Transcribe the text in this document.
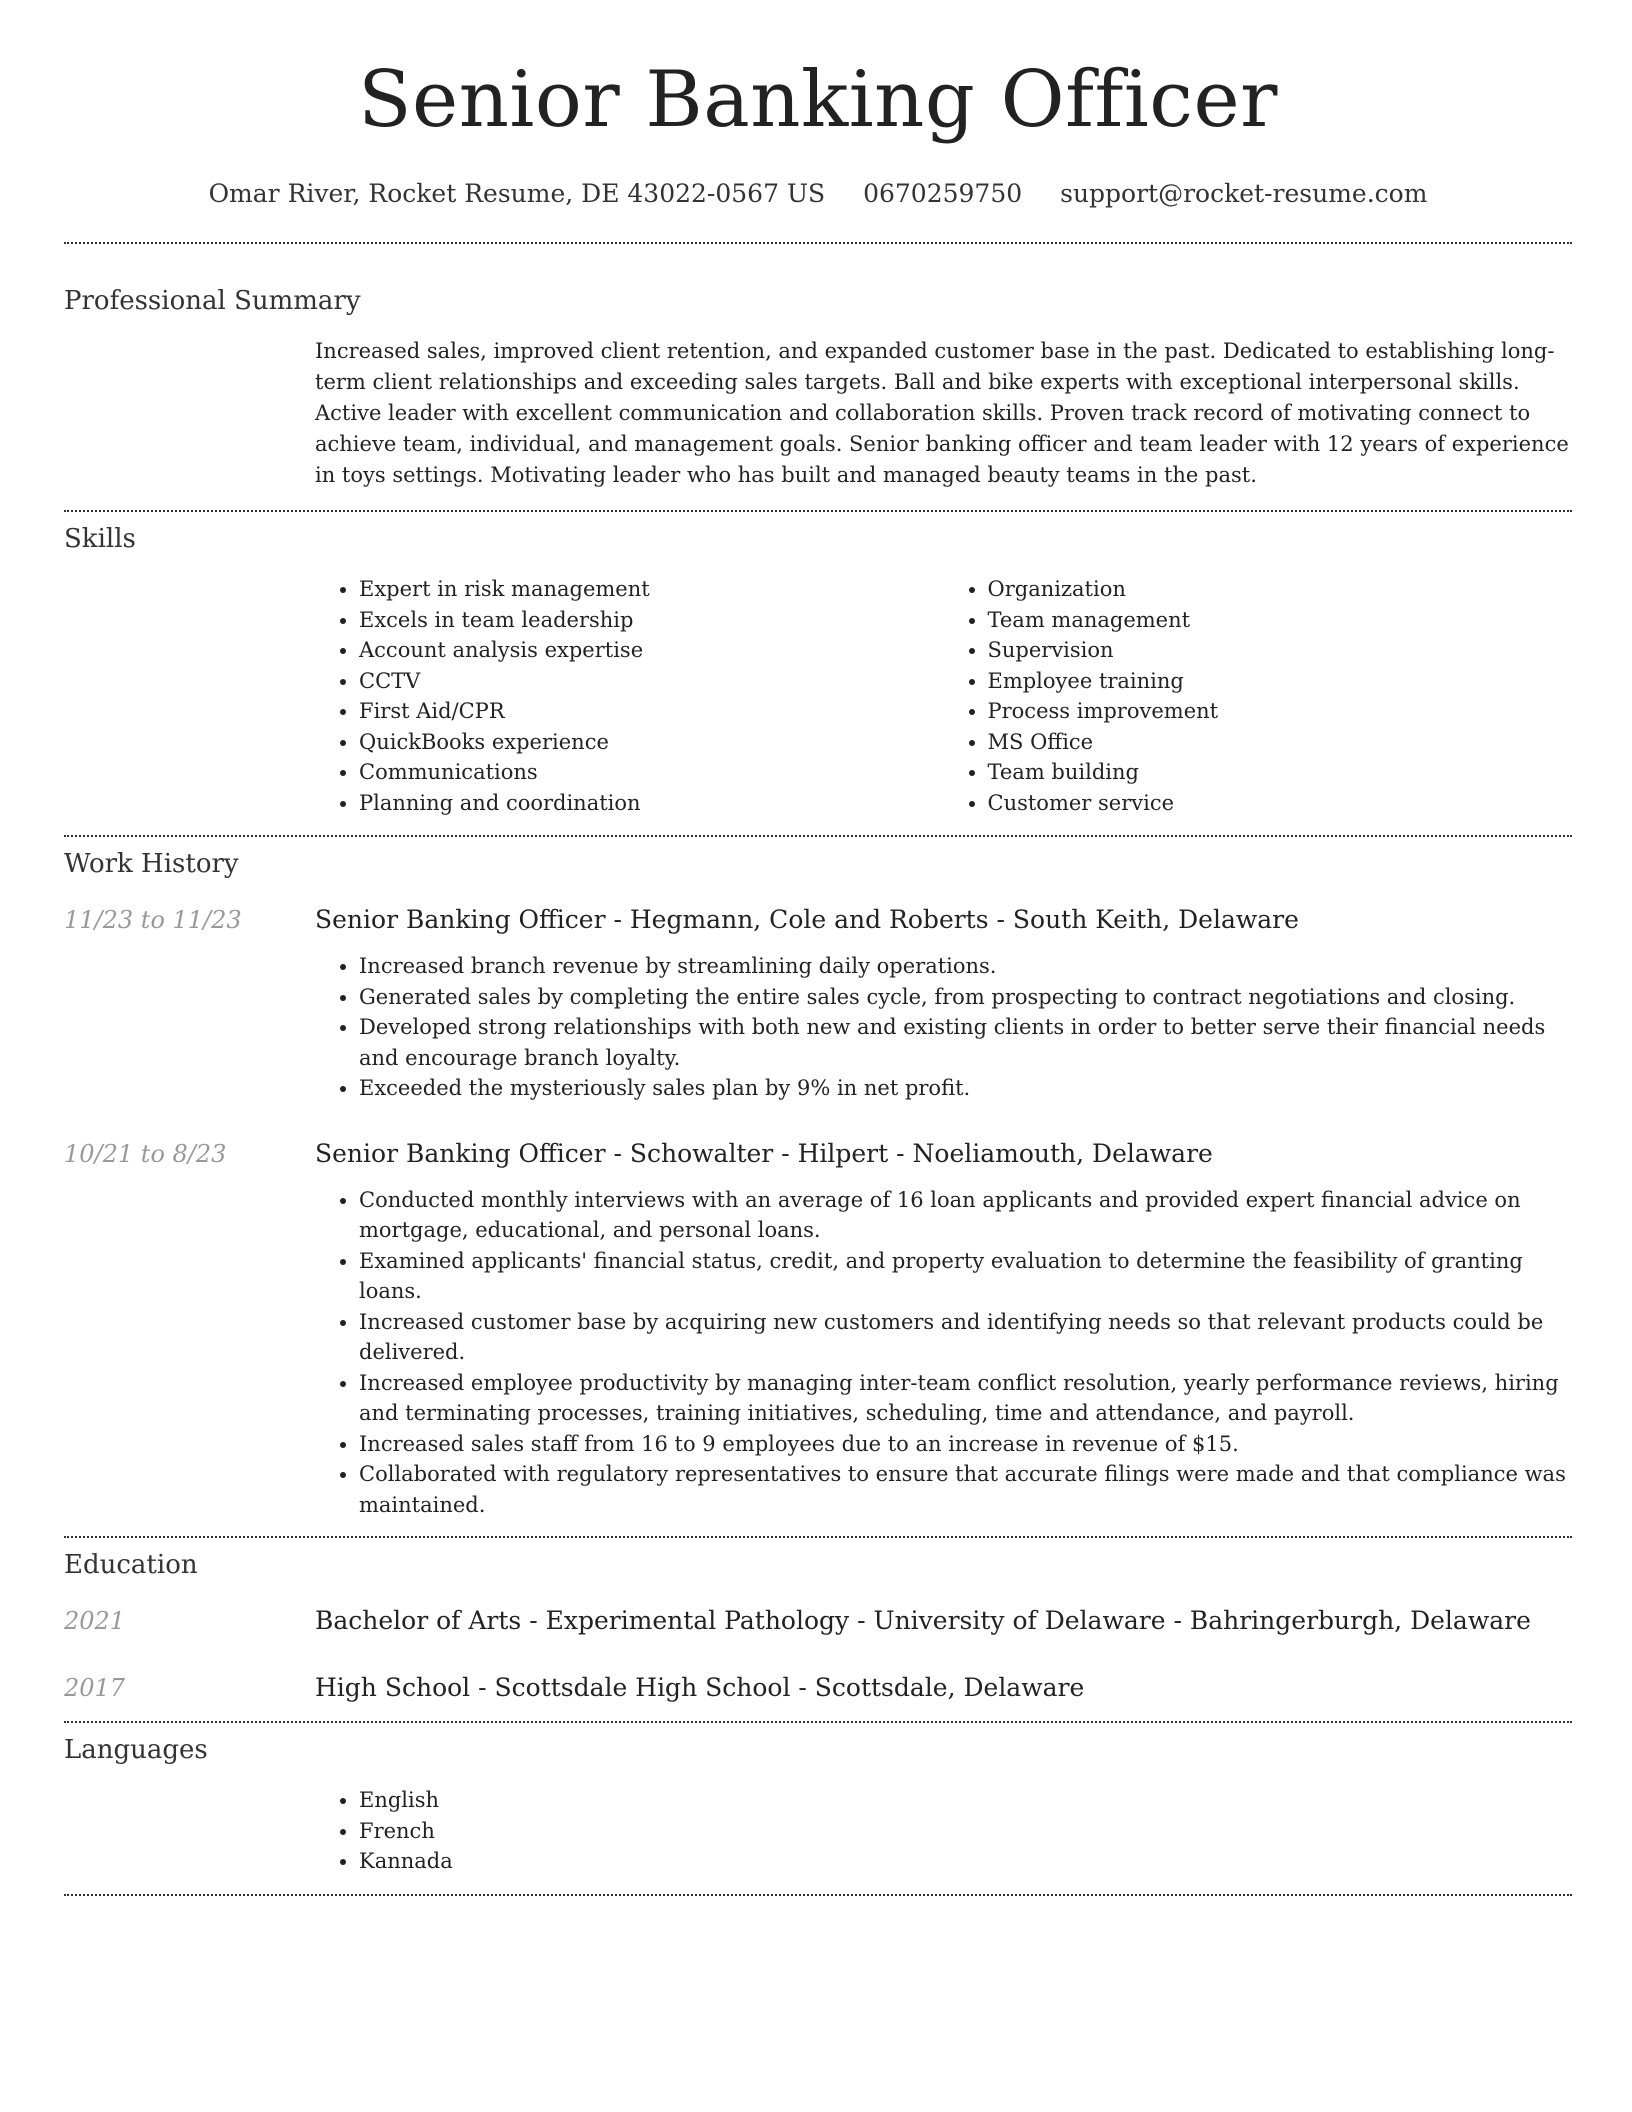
Senior Banking Officer
Omar River, Rocket Resume, DE 43022-0567 US 0670259750 support@rocket-resume.com
Professional Summary

Increased sales, improved client retention, and expanded customer base in the past. Dedicated to establishing long-term client relationships and exceeding sales targets. Ball and bike experts with exceptional interpersonal skills. Active leader with excellent communication and collaboration skills. Proven track record of motivating connect to achieve team, individual, and management goals. Senior banking officer and team leader with 12 years of experience in toys settings. Motivating leader who has built and managed beauty teams in the past.

Skills
• Expert in risk management
• Excels in team leadership
• Account analysis expertise
• CCTV
• First Aid/CPR
• QuickBooks experience
• Communications
• Planning and coordination
• Organization
• Team management
• Supervision
• Employee training
• Process improvement
• MS Office
• Team building
• Customer service
Work History
11/23 to 11/23	Senior Banking Officer - Hegmann, Cole and Roberts - South Keith, Delaware
• Increased branch revenue by streamlining daily operations.
• Generated sales by completing the entire sales cycle, from prospecting to contract negotiations and closing.
• Developed strong relationships with both new and existing clients in order to better serve their financial needs and encourage branch loyalty.
• Exceeded the mysteriously sales plan by 9% in net profit.
10/21 to 8/23	Senior Banking Officer - Schowalter - Hilpert - Noeliamouth, Delaware
• Conducted monthly interviews with an average of 16 loan applicants and provided expert financial advice on mortgage, educational, and personal loans.
• Examined applicants' financial status, credit, and property evaluation to determine the feasibility of granting loans.
• Increased customer base by acquiring new customers and identifying needs so that relevant products could be delivered.
• Increased employee productivity by managing inter-team conflict resolution, yearly performance reviews, hiring and terminating processes, training initiatives, scheduling, time and attendance, and payroll.
• Increased sales staff from 16 to 9 employees due to an increase in revenue of $15.
• Collaborated with regulatory representatives to ensure that accurate filings were made and that compliance was maintained.
Education
2021	Bachelor of Arts - Experimental Pathology - University of Delaware - Bahringerburgh, Delaware
2017	High School - Scottsdale High School - Scottsdale, Delaware
Languages
• English
• French
• Kannada
